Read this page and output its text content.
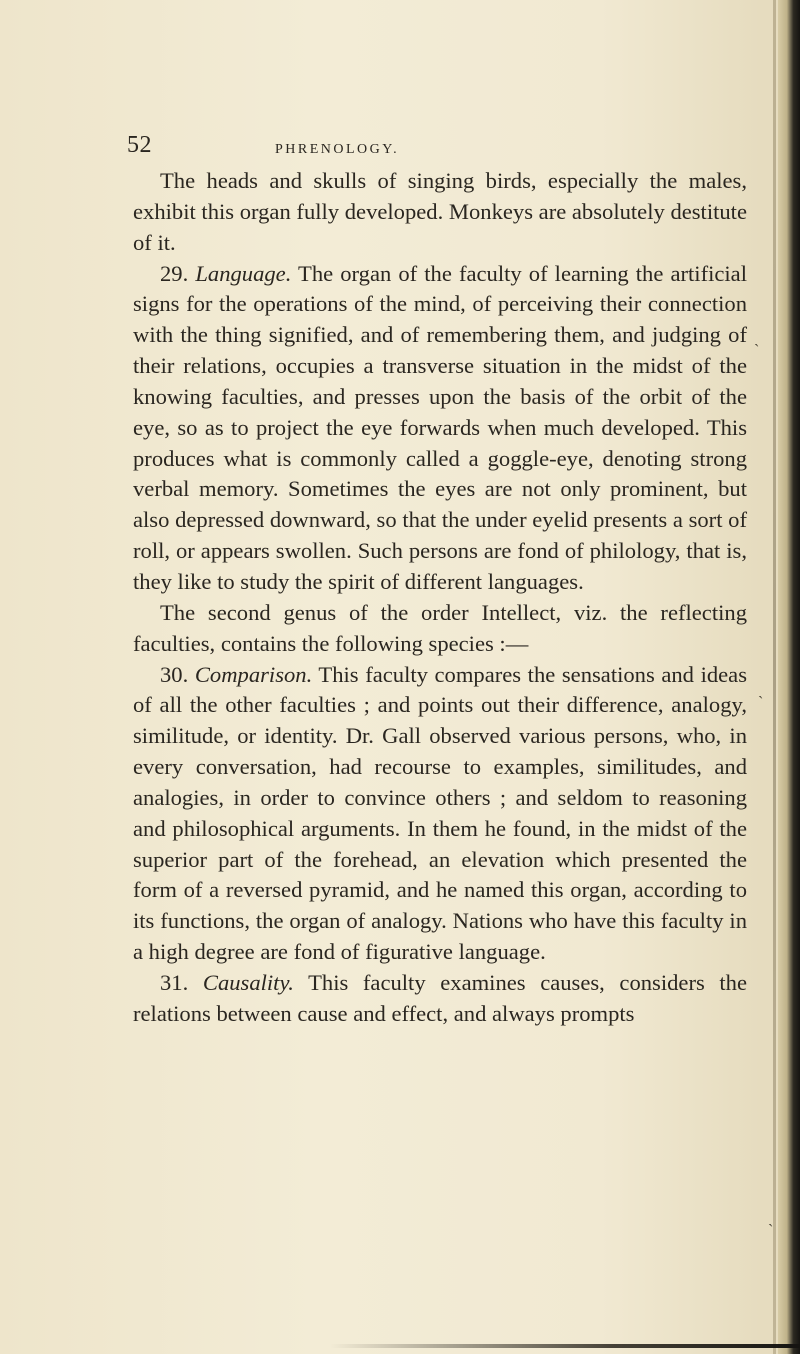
52	PHRENOLOGY.

The heads and skulls of singing birds, especially the males, exhibit this organ fully developed. Monkeys are absolutely destitute of it.

29. Language. The organ of the faculty of learning the artificial signs for the operations of the mind, of perceiving their connection with the thing signified, and of remembering them, and judging of their relations, occupies a transverse situation in the midst of the knowing faculties, and presses upon the basis of the orbit of the eye, so as to project the eye forwards when much developed. This produces what is commonly called a goggle-eye, denoting strong verbal memory. Sometimes the eyes are not only prominent, but also depressed downward, so that the under eyelid presents a sort of roll, or appears swollen. Such persons are fond of philology, that is, they like to study the spirit of different languages.

The second genus of the order Intellect, viz. the reflecting faculties, contains the following species :—

30. Comparison. This faculty compares the sensations and ideas of all the other faculties ; and points out their difference, analogy, similitude, or identity. Dr. Gall observed various persons, who, in every conversation, had recourse to examples, similitudes, and analogies, in order to convince others ; and seldom to reasoning and philosophical arguments. In them he found, in the midst of the superior part of the forehead, an elevation which presented the form of a reversed pyramid, and he named this organ, according to its functions, the organ of analogy. Nations who have this faculty in a high degree are fond of figurative language.

31. Causality. This faculty examines causes, considers the relations between cause and effect, and always prompts

ˎ
ˎ
ˎ
